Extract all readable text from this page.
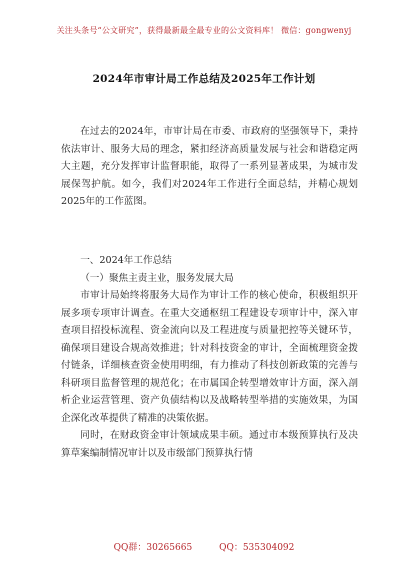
关注头条号“公文研究”，获得最新最全最专业的公文资料库！ 微信：gongwenyj
2024年市审计局工作总结及2025年工作计划

在过去的2024年，市审计局在市委、市政府的坚强领导下，秉持依法审计、服务大局的理念，紧扣经济高质量发展与社会和谐稳定两大主题，充分发挥审计监督职能，取得了一系列显著成果，为城市发展保驾护航。如今，我们对2024年工作进行全面总结，并精心规划2025年的工作蓝图。

一、2024年工作总结

（一）聚焦主责主业，服务发展大局

市审计局始终将服务大局作为审计工作的核心使命，积极组织开展多项专项审计调查。在重大交通枢纽工程建设专项审计中，深入审查项目招投标流程、资金流向以及工程进度与质量把控等关键环节，确保项目建设合规高效推进；针对科技资金的审计，全面梳理资金拨付链条，详细核查资金使用明细，有力推动了科技创新政策的完善与科研项目监督管理的规范化；在市属国企转型增效审计方面，深入剖析企业运营管理、资产负债结构以及战略转型举措的实施效果，为国企深化改革提供了精准的决策依据。

同时，在财政资金审计领域成果丰硕。通过市本级预算执行及决算草案编制情况审计以及市级部门预算执行情

QQ群：30265665	QQ：535304092
